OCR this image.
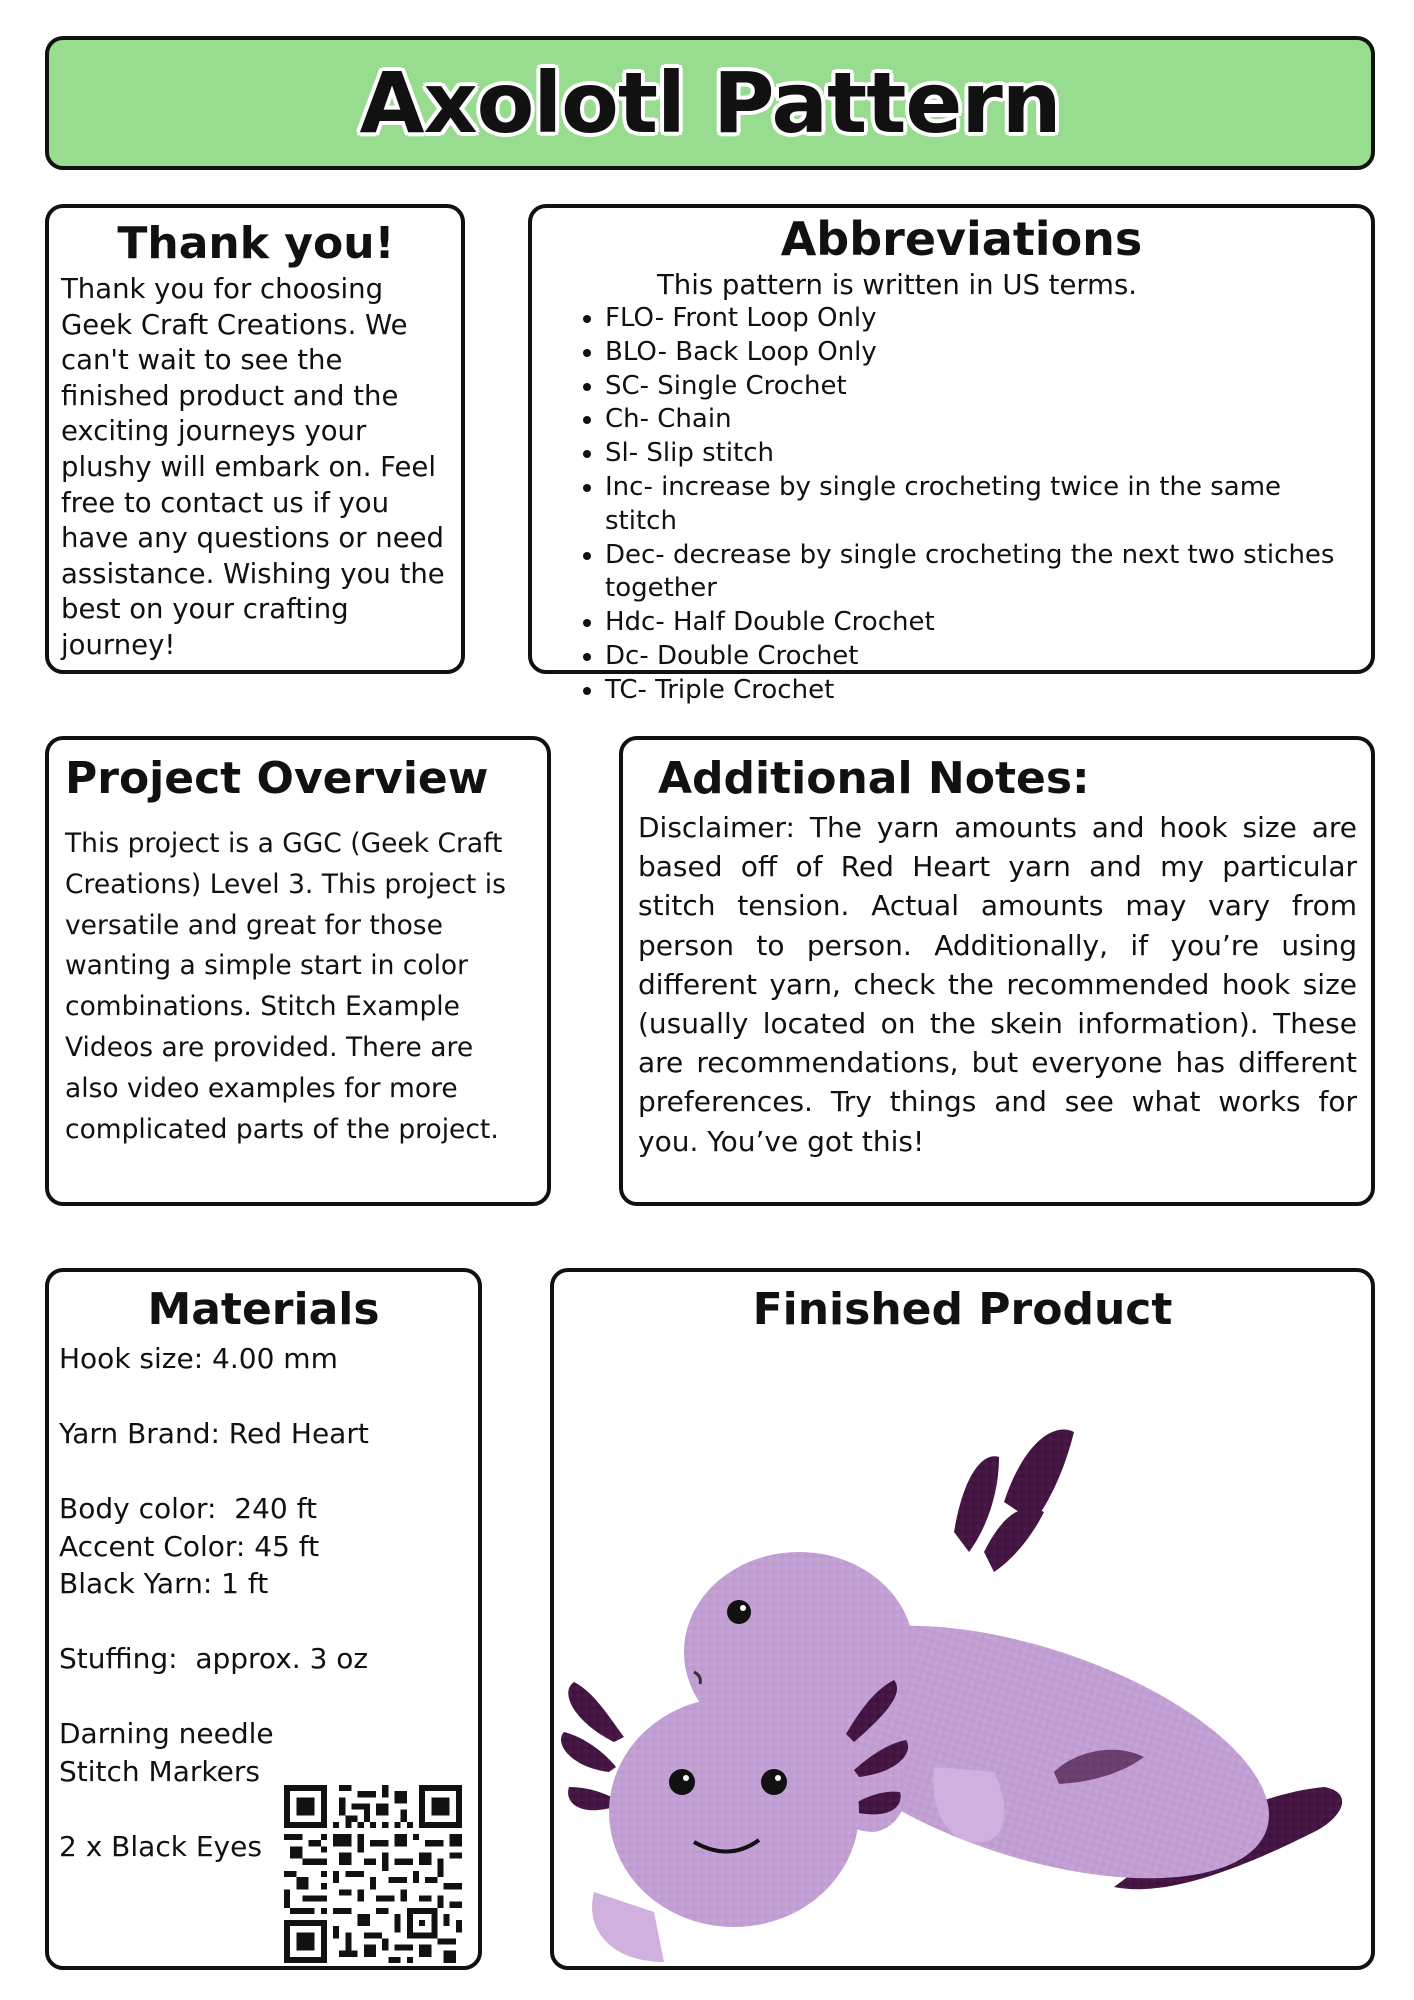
Axolotl Pattern
Thank you!

Thank you for choosing Geek Craft Creations. We can't wait to see the finished product and the exciting journeys your plushy will embark on. Feel free to contact us if you have any questions or need assistance. Wishing you the best on your crafting journey!

Abbreviations

This pattern is written in US terms.

• FLO- Front Loop Only
• BLO- Back Loop Only
• SC- Single Crochet
• Ch- Chain
• Sl- Slip stitch
• Inc- increase by single crocheting twice in the same stitch
• Dec- decrease by single crocheting the next two stiches together
• Hdc- Half Double Crochet
• Dc- Double Crochet
• TC- Triple Crochet
Project Overview

This project is a GGC (Geek Craft Creations) Level 3. This project is versatile and great for those wanting a simple start in color combinations. Stitch Example Videos are provided. There are also video examples for more complicated parts of the project.

Additional Notes:

Disclaimer: The yarn amounts and hook size are based off of Red Heart yarn and my particular stitch tension. Actual amounts may vary from person to person. Additionally, if you’re using different yarn, check the recommended hook size (usually located on the skein information). These are recommendations, but everyone has different preferences. Try things and see what works for you. You’ve got this!

Materials
Hook size: 4.00 mm
Yarn Brand: Red Heart
Body color:  240 ft
Accent Color: 45 ft
Black Yarn: 1 ft
Stuffing:  approx. 3 oz
Darning needle
Stitch Markers
2 x Black Eyes
Finished Product
